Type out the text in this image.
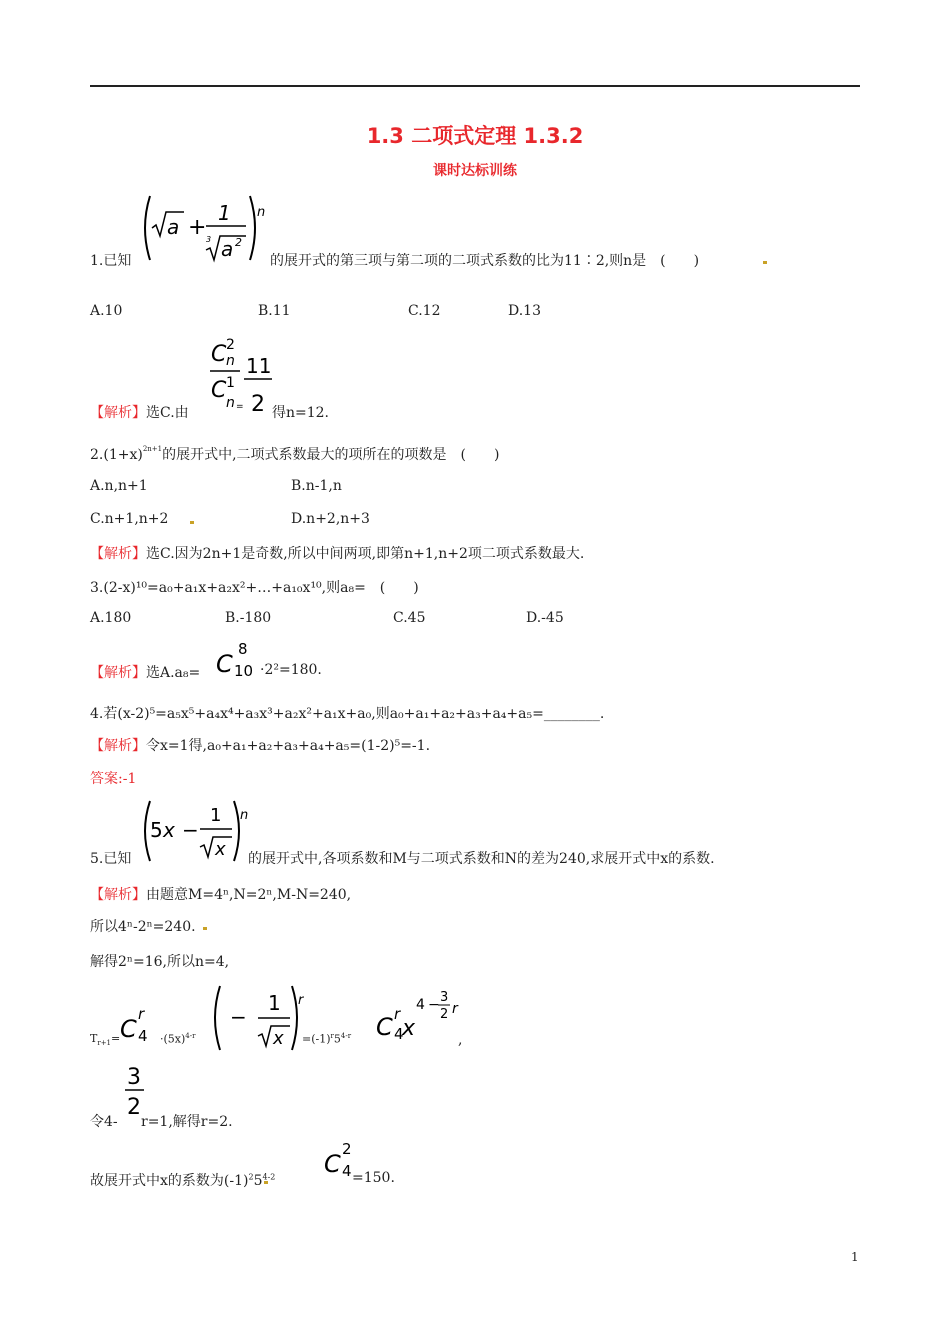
1.3 二项式定理 1.3.2
课时达标训练
1.已知
a +
1
3 a 2
n
的展开式的第三项与第二项的二项式系数的比为11∶2,则n是　(　　)
A.10	B.11	C.12	D.13
【解析】选C.由
C 2
n
C 1
n =
11
2 得n=12.
$2.(1+x)^{2n+1}$的展开式中,二项式系数最大的项所在的项数是　(　　)
A.n,n+1	B.n-1,n
C.n+1,n+2	D.n+2,n+3
【解析】选C.因为2n+1是奇数,所以中间两项,即第n+1,n+2项二项式系数最大.
3.(2-x)¹⁰=a₀+a₁x+a₂x²+…+a₁₀x¹⁰,则a₈=　(　　)
A.180	B.-180	C.45	D.-45
【解析】选A.a₈= C
8
10 ·2²=180.
4.若(x-2)⁵=a₅x⁵+a₄x⁴+a₃x³+a₂x²+a₁x+a₀,则a₀+a₁+a₂+a₃+a₄+a₅=________.
【解析】令x=1得,a₀+a₁+a₂+a₃+a₄+a₅=(1-2)⁵=-1.
答案:-1
5.已知
5 x −
1
x
n
的展开式中,各项系数和M与二项式系数和N的差为240,求展开式中x的系数.
【解析】由题意M=4ⁿ,N=2ⁿ,M-N=240,
所以4ⁿ-2ⁿ=240.
解得2ⁿ=16,所以n=4,
$T_{r+1}= C$
r
$4 \cdot(5x)^{4-r}$
−
1
x
r
$=(-1)^r5^{4-r}$ C r
4
x
4 − 3
2 r
,
3
2
令4- r=1,解得r=2.
故展开式中x的系数为$(-1)^25^{4-2}$ C
2
4 =150.
1
